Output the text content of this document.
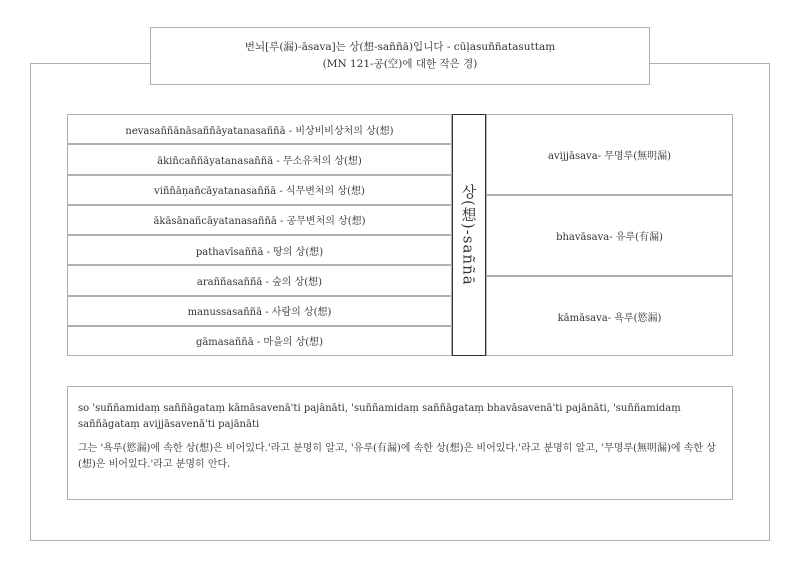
번뇌[루(漏)-āsava]는 상(想-saññā)입니다 - cūḷasuññatasuttaṃ
(MN 121-공(空)에 대한 작은 경)
nevasaññānāsaññāyatanasaññā - 비상비비상처의 상(想)
ākiñcaññāyatanasaññā - 무소유처의 상(想)
viññāṇañcāyatanasaññā - 식무변처의 상(想)
ākāsānañcāyatanasaññā - 공무변처의 상(想)
pathavīsaññā - 땅의 상(想)
araññasaññā - 숲의 상(想)
manussasaññā - 사람의 상(想)
gāmasaññā - 마을의 상(想)
상(想)-saññā
avijjāsava- 무명루(無明漏)
bhavāsava- 유루(有漏)
kāmāsava- 욕루(慾漏)

so 'suññamidaṃ saññāgataṃ kāmāsavenā'ti pajānāti, 'suññamidaṃ saññāgataṃ bhavāsavenā'ti pajānāti, 'suññamidaṃ saññāgataṃ avijjāsavenā'ti pajānāti

그는 '욕루(慾漏)에 속한 상(想)은 비어있다.'라고 분명히 알고, '유루(有漏)에 속한 상(想)은 비어있다.'라고 분명히 알고, '무명루(無明漏)에 속한 상(想)은 비어있다.'라고 분명히 안다.
